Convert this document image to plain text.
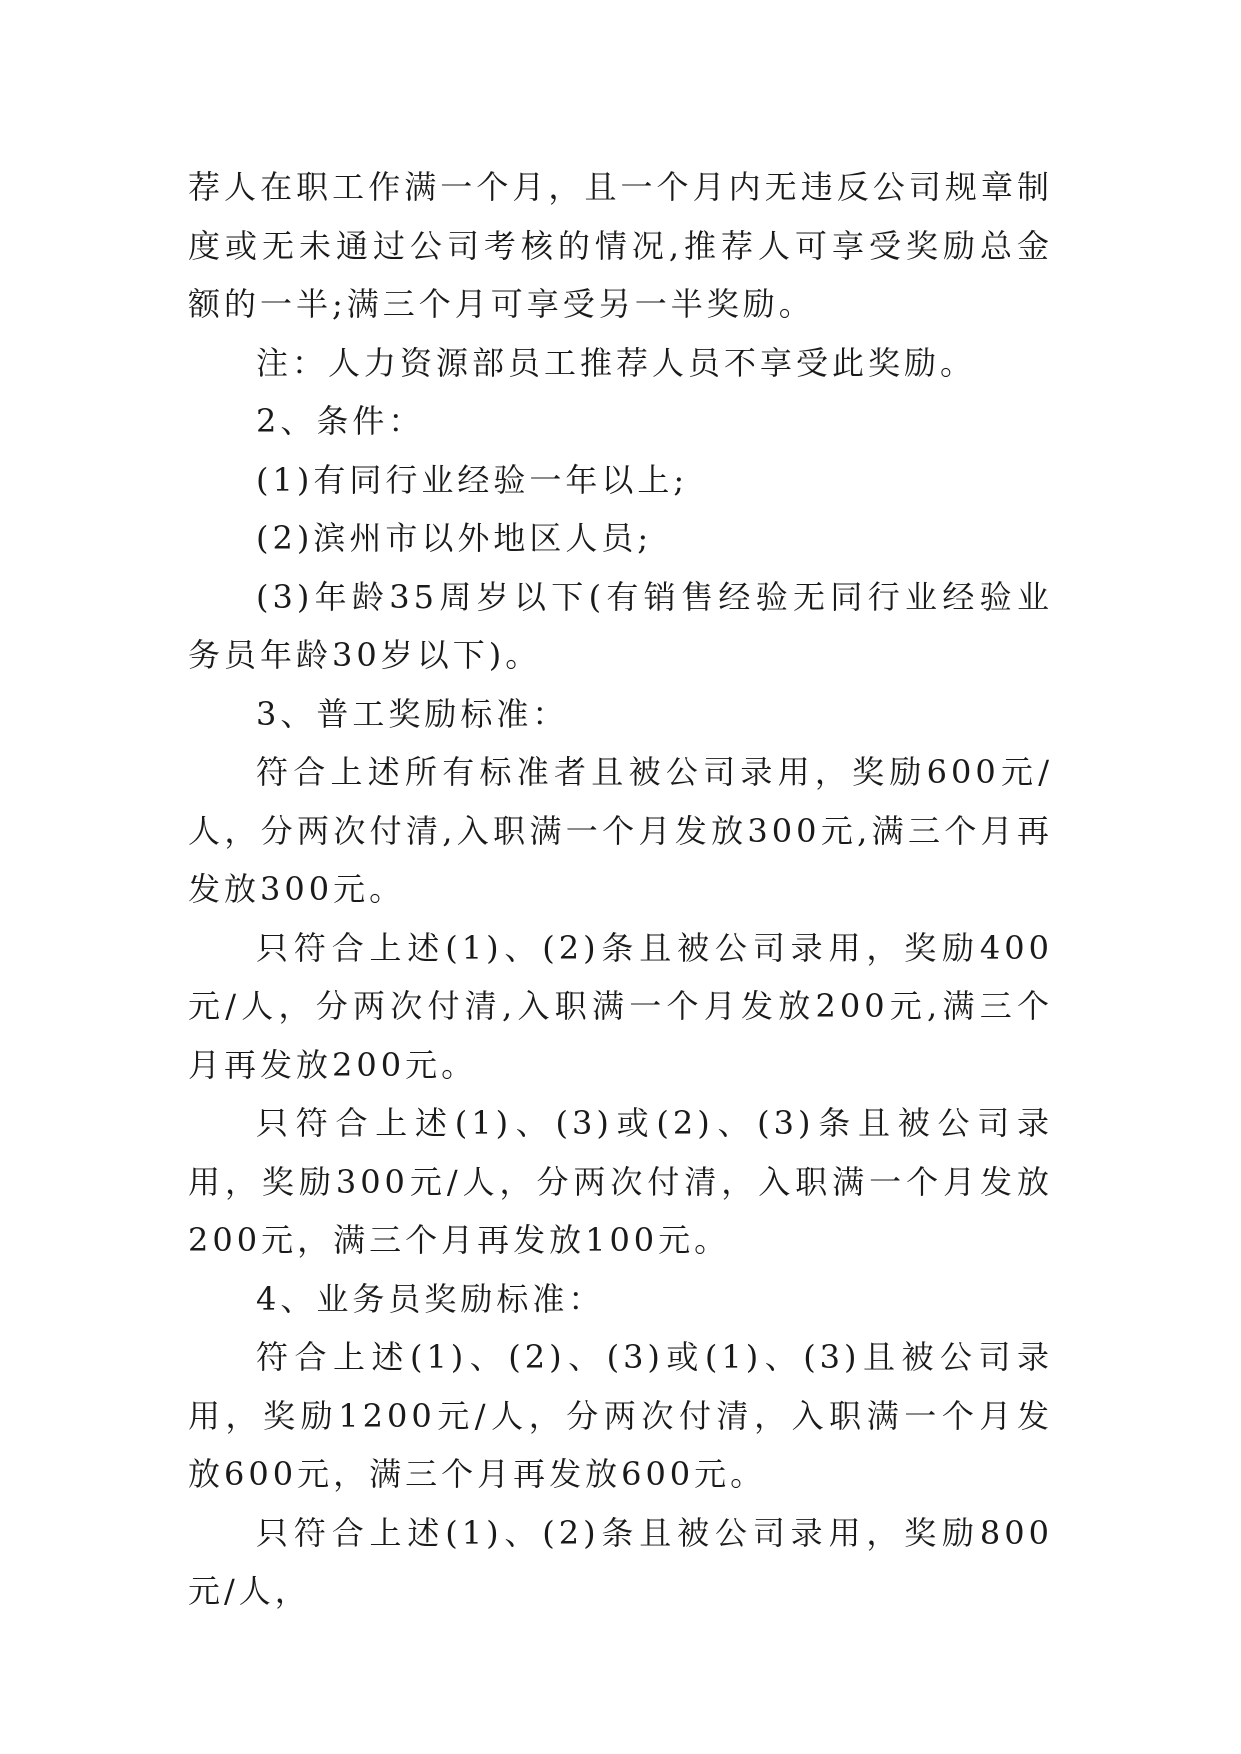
荐人在职工作满一个月，且一个月内无违反公司规章制度或无未通过公司考核的情况,推荐人可享受奖励总金额的一半;满三个月可享受另一半奖励。

注：人力资源部员工推荐人员不享受此奖励。

2、条件：

(1)有同行业经验一年以上;

(2)滨州市以外地区人员;

(3)年龄35周岁以下(有销售经验无同行业经验业务员年龄30岁以下)。

3、普工奖励标准：

符合上述所有标准者且被公司录用，奖励600元/人，分两次付清,入职满一个月发放300元,满三个月再发放300元。

只符合上述(1)、(2)条且被公司录用，奖励400元/人，分两次付清,入职满一个月发放200元,满三个月再发放200元。

只符合上述(1)、(3)或(2)、(3)条且被公司录用，奖励300元/人，分两次付清，入职满一个月发放200元，满三个月再发放100元。

4、业务员奖励标准：

符合上述(1)、(2)、(3)或(1)、(3)且被公司录用，奖励1200元/人，分两次付清，入职满一个月发放600元，满三个月再发放600元。

只符合上述(1)、(2)条且被公司录用，奖励800元/人，
